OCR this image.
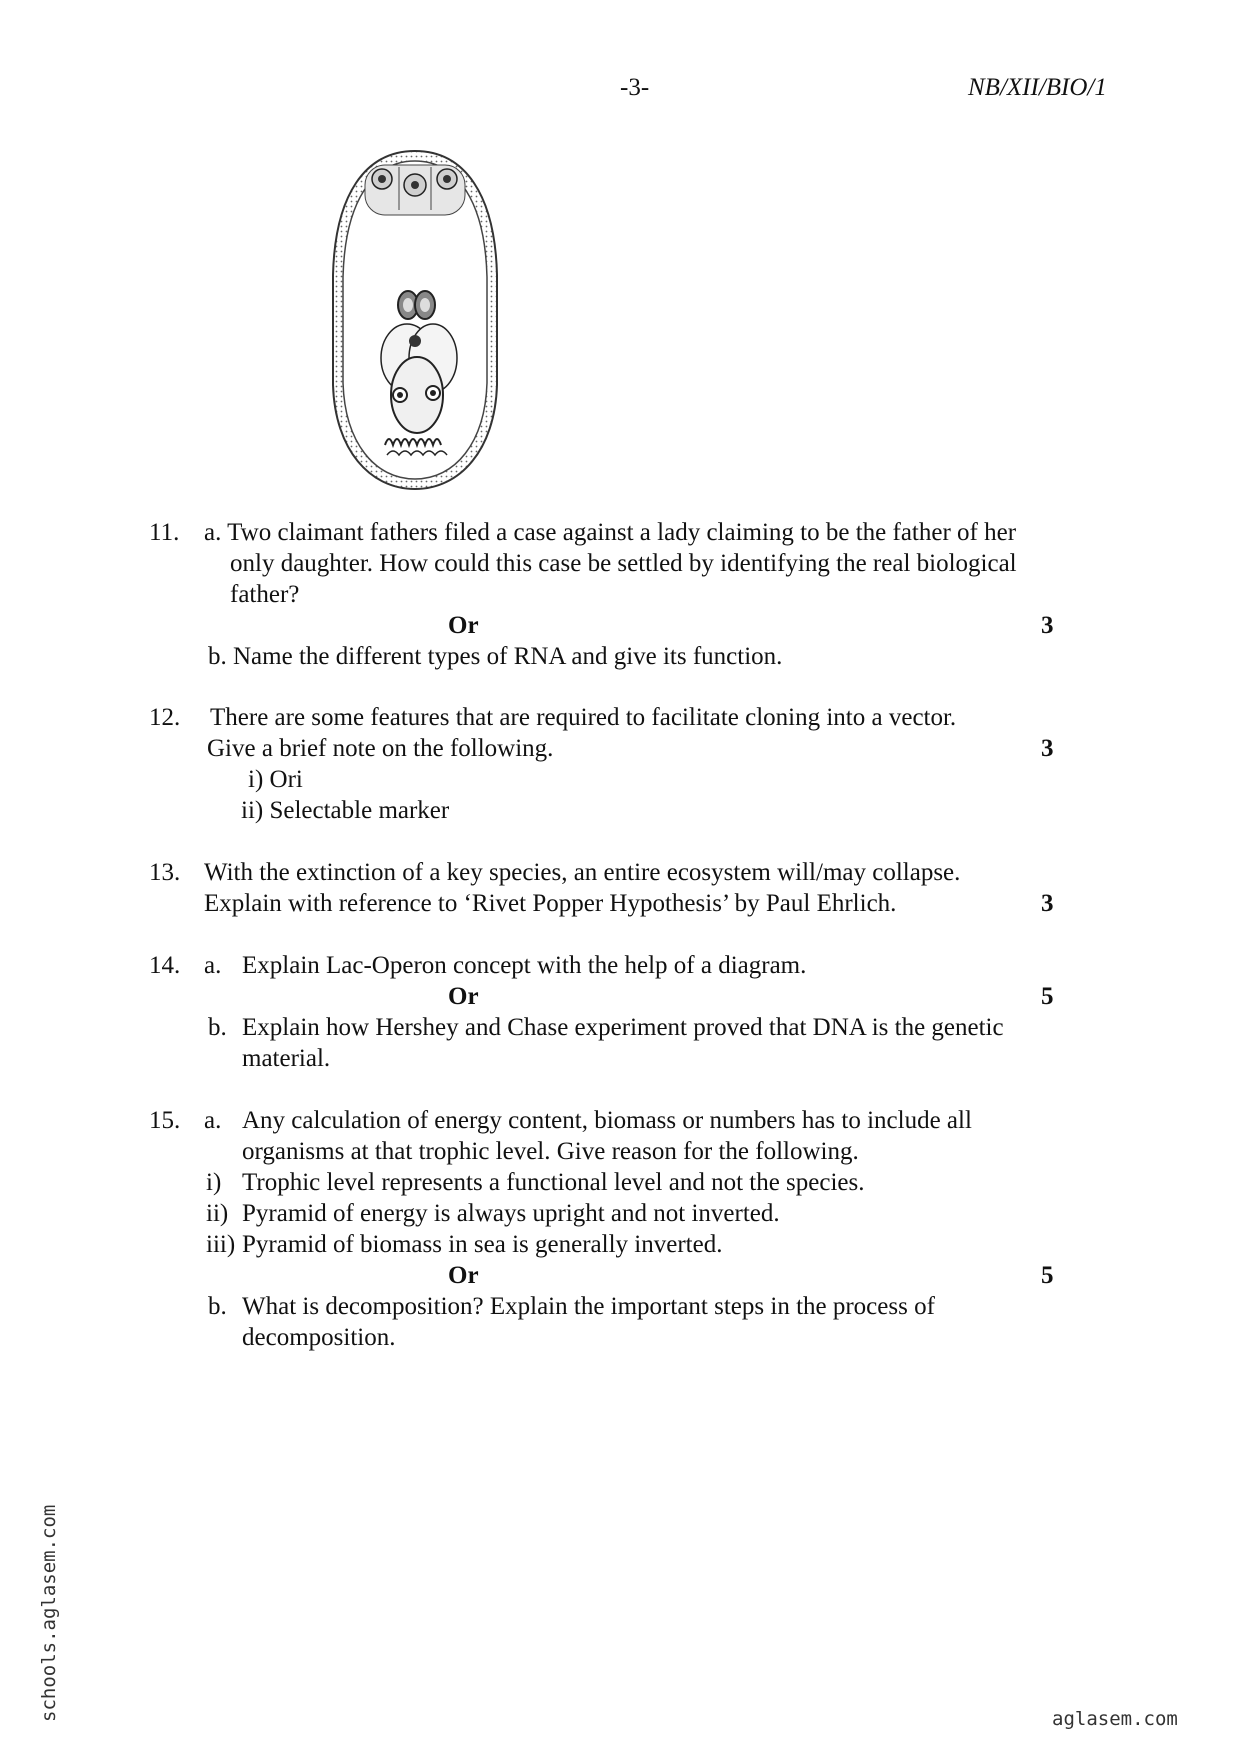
-3-	NB/XII/BIO/1
11. a. Two claimant fathers filed a case against a lady claiming to be the father of her
only daughter. How could this case be settled by identifying the real biological
father?
Or	3
b. Name the different types of RNA and give its function.
12. There are some features that are required to facilitate cloning into a vector.
Give a brief note on the following.	3
i) Ori
ii) Selectable marker
13. With the extinction of a key species, an entire ecosystem will/may collapse.
Explain with reference to ‘Rivet Popper Hypothesis’ by Paul Ehrlich.	3
14. a. Explain Lac-Operon concept with the help of a diagram.
Or	5
b. Explain how Hershey and Chase experiment proved that DNA is the genetic
material.
15. a. Any calculation of energy content, biomass or numbers has to include all
organisms at that trophic level. Give reason for the following.
i) Trophic level represents a functional level and not the species.
ii) Pyramid of energy is always upright and not inverted.
iii) Pyramid of biomass in sea is generally inverted.
Or	5
b. What is decomposition? Explain the important steps in the process of
decomposition.
schools.aglasem.com	aglasem.com
